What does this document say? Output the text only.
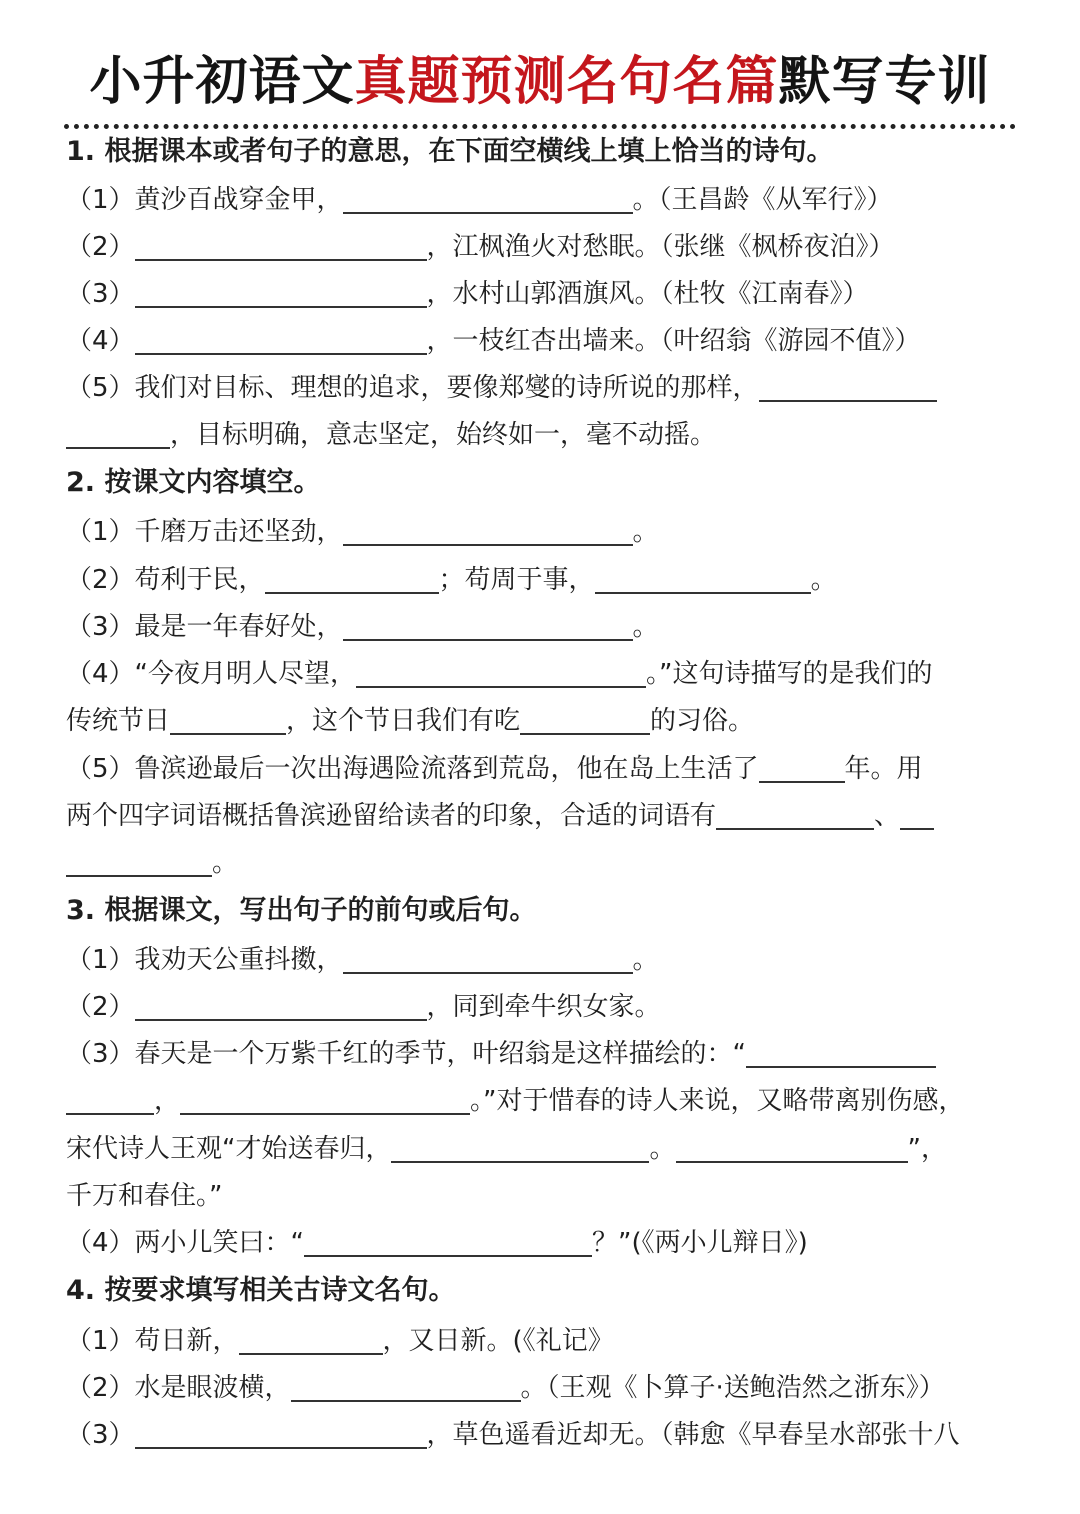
小升初语文真题预测名句名篇默写专训
1. 根据课本或者句子的意思，在下面空横线上填上恰当的诗句。
（1）黄沙百战穿金甲，	。（王昌龄《从军行》）
（2）	，江枫渔火对愁眠。（张继《枫桥夜泊》）
（3）	，水村山郭酒旗风。（杜牧《江南春》）
（4）	，一枝红杏出墙来。（叶绍翁《游园不值》）
（5）我们对目标、理想的追求，要像郑燮的诗所说的那样，
，目标明确，意志坚定，始终如一，毫不动摇。
2. 按课文内容填空。
（1）千磨万击还坚劲，	。
（2）苟利于民，	；苟周于事，	。
（3）最是一年春好处，	。
（4）“今夜月明人尽望，	。”这句诗描写的是我们的
传统节日	，这个节日我们有吃	的习俗。
（5）鲁滨逊最后一次出海遇险流落到荒岛，他在岛上生活了	年。用
两个四字词语概括鲁滨逊留给读者的印象，合适的词语有	、
。
3. 根据课文，写出句子的前句或后句。
（1）我劝天公重抖擞，	。
（2）	，同到牵牛织女家。
（3）春天是一个万紫千红的季节，叶绍翁是这样描绘的：“
，	。”对于惜春的诗人来说，又略带离别伤感，
宋代诗人王观“才始送春归，	。	”，
千万和春住。”
（4）两小儿笑曰：“	？”(《两小儿辩日》)
4. 按要求填写相关古诗文名句。
（1）苟日新，	，又日新。(《礼记》
（2）水是眼波横，	。（王观《卜算子·送鲍浩然之浙东》）
（3）	，草色遥看近却无。（韩愈《早春呈水部张十八
